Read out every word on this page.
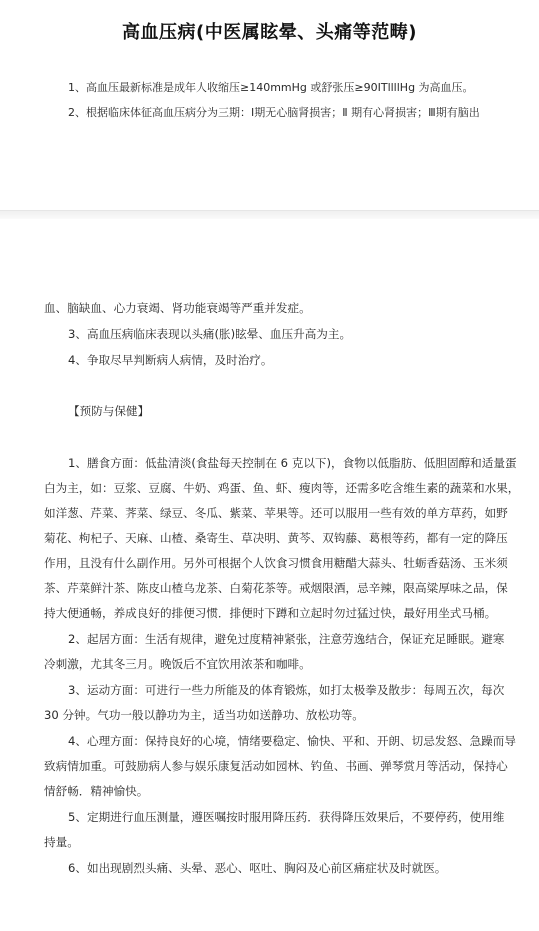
高血压病(中医属眩晕、头痛等范畴)
1、高血压最新标准是成年人收缩压≥140mmHg 或舒张压≥90ITllllHg 为高血压。
2、根据临床体征高血压病分为三期：Ⅰ期无心脑肾损害；Ⅱ 期有心肾损害；Ⅲ期有脑出
血、脑缺血、心力衰竭、肾功能衰竭等严重并发症。
3、高血压病临床表现以头痛(胀)眩晕、血压升高为主。
4、争取尽早判断病人病情，及时治疗。
【预防与保健】
1、膳食方面：低盐清淡(食盐每天控制在 6 克以下)，食物以低脂肪、低胆固醇和适量蛋
白为主，如：豆浆、豆腐、牛奶、鸡蛋、鱼、虾、瘦肉等，还需多吃含维生素的蔬菜和水果，
如洋葱、芹菜、荠菜、绿豆、冬瓜、紫菜、苹果等。还可以服用一些有效的单方草药，如野
菊花、枸杞子、天麻、山楂、桑寄生、草决明、黄芩、双钩藤、葛根等药，都有一定的降压
作用，且没有什么副作用。另外可根据个人饮食习惯食用糖醋大蒜头、牡蛎香菇汤、玉米须
茶、芹菜鲜汁茶、陈皮山楂乌龙茶、白菊花茶等。戒烟限酒，忌辛辣，限高粱厚味之品，保
持大便通畅，养成良好的排便习惯．排便时下蹲和立起时勿过猛过快，最好用坐式马桶。
2、起居方面：生活有规律，避免过度精神紧张，注意劳逸结合，保证充足睡眠。避寒
冷刺激，尤其冬三月。晚饭后不宜饮用浓茶和咖啡。
3、运动方面：可进行一些力所能及的体育锻炼，如打太极拳及散步：每周五次，每次
30 分钟。气功一般以静功为主，适当功如送静功、放松功等。
4、心理方面：保持良好的心境，情绪要稳定、愉快、平和、开朗、切忌发怒、急躁而导
致病情加重。可鼓励病人参与娱乐康复活动如园林、钓鱼、书画、弹琴赏月等活动，保持心
情舒畅．精神愉快。
5、定期进行血压测量，遵医嘱按时服用降压药．获得降压效果后，不要停药，使用维
持量。
6、如出现剧烈头痛、头晕、恶心、呕吐、胸闷及心前区痛症状及时就医。
